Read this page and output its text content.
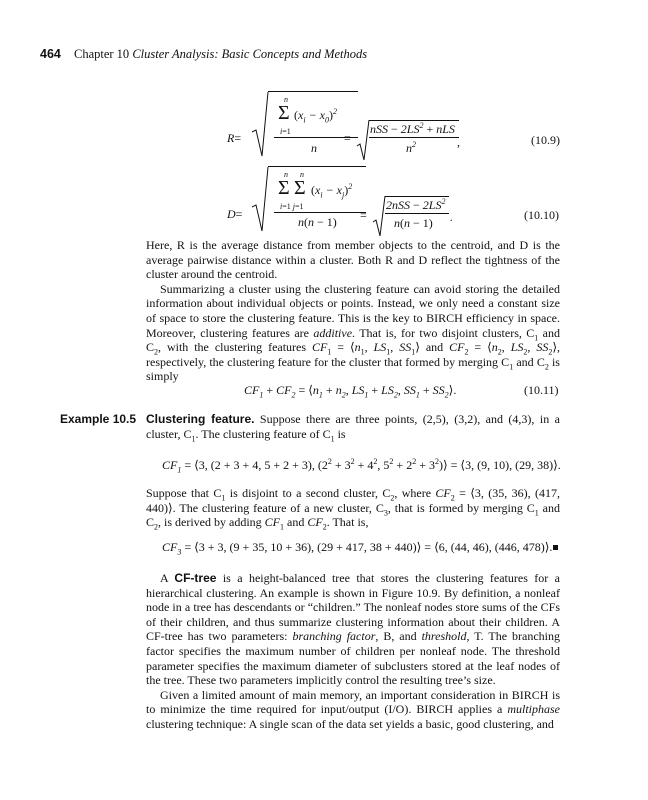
464 Chapter 10 Cluster Analysis: Basic Concepts and Methods
R=
n
Σ $(x_i - x_0)^2$
i=1
n
=
nSS − $2LS^2$ + nLS
$n^2$	,	(10.9)
D=
n n
Σ Σ $(x_i - x_j)^2$
i=1 j=1
n(n − 1) =
$2nSS - 2LS^2$
n(n − 1) .	(10.10)

Here, R is the average distance from member objects to the centroid, and D is the average pairwise distance within a cluster. Both R and D reflect the tightness of the cluster around the centroid.

Summarizing a cluster using the clustering feature can avoid storing the detailed information about individual objects or points. Instead, we only need a constant size of space to store the clustering feature. This is the key to BIRCH efficiency in space. Moreover, clustering features are additive. That is, for two disjoint clusters, $C_1$ and $C_2$, with the clustering features $CF_1$ = $⟨n_1$, $LS_1$, $SS_1⟩$ and $CF_2$ = $⟨n_2$, $LS_2$, $SS_2⟩$, respectively, the clustering feature for the cluster that formed by merging $C_1$ and $C_2$ is simply

$CF_1 + CF_2$ = $⟨n_1 + n_2$, $LS_1 + LS_2$, $SS_1$ + $SS_2⟩$.	(10.11)
Example 10.5 Clustering feature. Suppose there are three points, (2,5), (3,2), and (4,3), in a cluster, $C_1$. The clustering feature of $C_1$ is

$CF_1$ = ⟨3, (2 + 3 + 4, 5 + 2 + 3), ($2^2 + 3^2 + 4^2$, $5^2 + 2^2$ + $3^2)⟩$ = ⟨3, (9, 10), (29, 38)⟩.

Suppose that $C_1$ is disjoint to a second cluster, $C_2$, where $CF_2$ = ⟨3, (35, 36), (417, 440)⟩. The clustering feature of a new cluster, $C_3$, that is formed by merging $C_1$ and $C_2$, is derived by adding $CF_1$ and $CF_2$. That is,

$CF_3$ = ⟨3 + 3, (9 + 35, 10 + 36), (29 + 417, 38 + 440)⟩ = ⟨6, (44, 46), (446, 478)⟩.

A CF-tree is a height-balanced tree that stores the clustering features for a hierarchical clustering. An example is shown in Figure 10.9. By definition, a nonleaf node in a tree has descendants or “children.” The nonleaf nodes store sums of the CFs of their children, and thus summarize clustering information about their children. A CF-tree has two parameters: branching factor, B, and threshold, T. The branching factor specifies the maximum number of children per nonleaf node. The threshold parameter specifies the maximum diameter of subclusters stored at the leaf nodes of the tree. These two parameters implicitly control the resulting tree’s size.

Given a limited amount of main memory, an important consideration in BIRCH is to minimize the time required for input/output (I/O). BIRCH applies a multiphase clustering technique: A single scan of the data set yields a basic, good clustering, and
